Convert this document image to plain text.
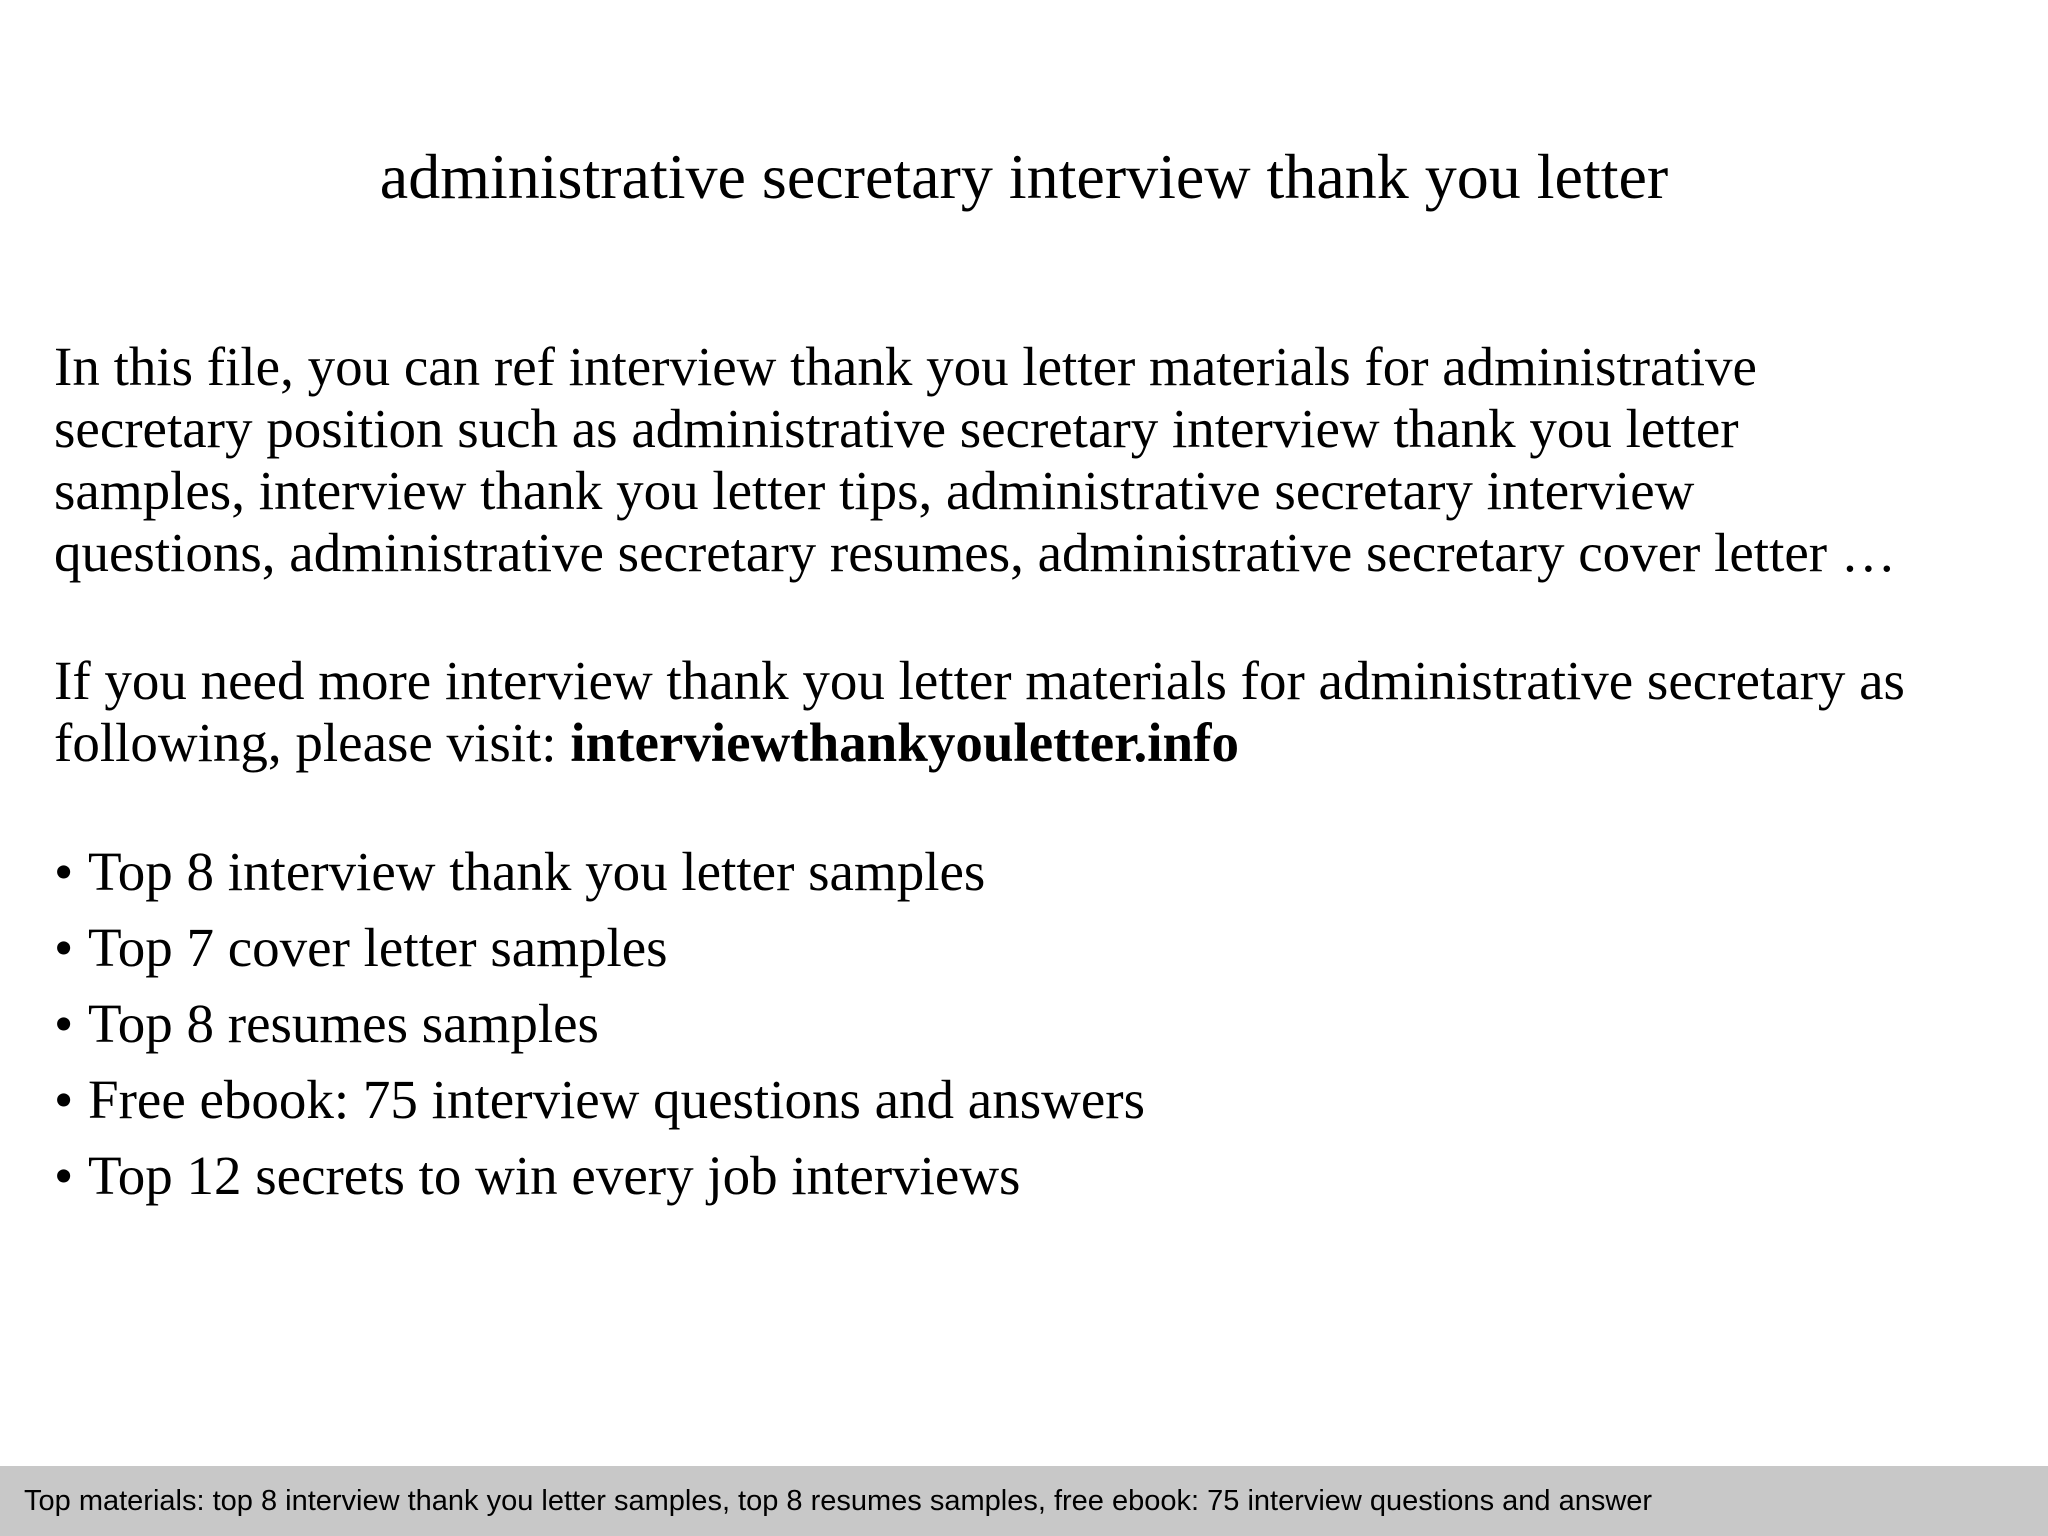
administrative secretary interview thank you letter

In this file, you can ref interview thank you letter materials for administrative
secretary position such as administrative secretary interview thank you letter
samples, interview thank you letter tips, administrative secretary interview
questions, administrative secretary resumes, administrative secretary cover letter …

If you need more interview thank you letter materials for administrative secretary as
following, please visit: interviewthankyouletter.info

• Top 8 interview thank you letter samples
• Top 7 cover letter samples
• Top 8 resumes samples
• Free ebook: 75 interview questions and answers
• Top 12 secrets to win every job interviews
Top materials: top 8 interview thank you letter samples, top 8 resumes samples, free ebook: 75 interview questions and answer
